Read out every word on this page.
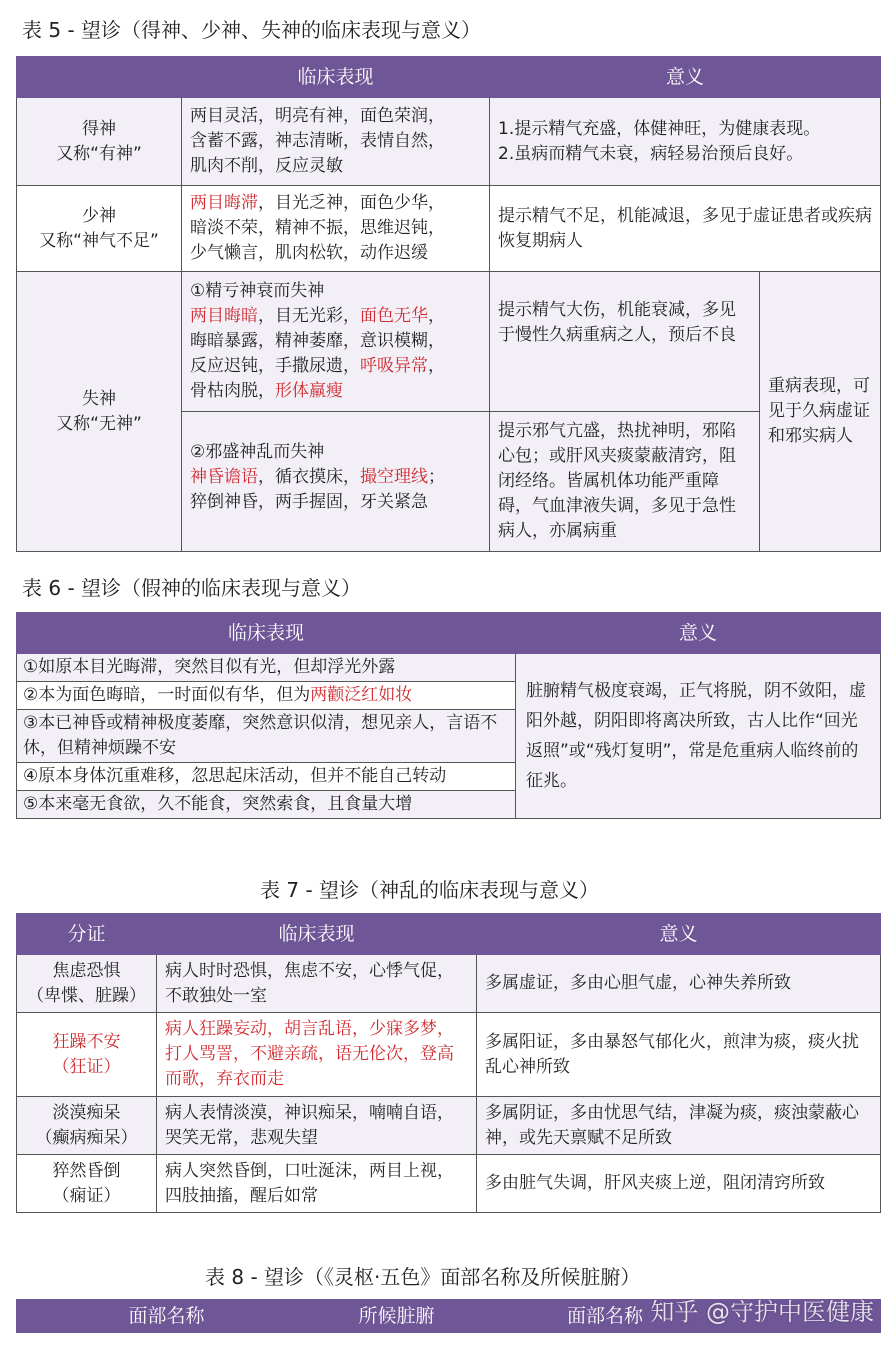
表 5 - 望诊（得神、少神、失神的临床表现与意义）
	临床表现	意义	

得神
又称“有神”	两目灵活，明亮有神，面色荣润，
含蓄不露，神志清晰，表情自然，
肌肉不削，反应灵敏	1.提示精气充盛，体健神旺，为健康表现。
2.虽病而精气未衰，病轻易治预后良好。	

少神
又称“神气不足”	两目晦滞，目光乏神，面色少华，
暗淡不荣，精神不振，思维迟钝，
少气懒言，肌肉松软，动作迟缓	提示精气不足，机能减退，多见于虚证患者或疾病恢复期病人	

失神
又称“无神”	①精亏神衰而失神
两目晦暗，目无光彩，面色无华，
晦暗暴露，精神萎靡，意识模糊，
反应迟钝，手撒尿遗，呼吸异常，
骨枯肉脱，形体羸瘦	提示精气大伤，机能衰减，多见于慢性久病重病之人，预后不良	重病表现，可见于久病虚证和邪实病人

	②邪盛神乱而失神
神昏谵语，循衣摸床，撮空理线；
猝倒神昏，两手握固，牙关紧急	提示邪气亢盛，热扰神明，邪陷心包；或肝风夹痰蒙蔽清窍，阻闭经络。皆属机体功能严重障碍，气血津液失调，多见于急性病人，亦属病重	
表 6 - 望诊（假神的临床表现与意义）
临床表现	意义
①如原本目光晦滞，突然目似有光，但却浮光外露	脏腑精气极度衰竭，正气将脱，阴不敛阳，虚阳外越，阴阳即将离决所致，古人比作“回光返照”或“残灯复明”，常是危重病人临终前的征兆。
②本为面色晦暗，一时面似有华，但为两颧泛红如妆	
③本已神昏或精神极度萎靡，突然意识似清，想见亲人，言语不休，但精神烦躁不安	
④原本身体沉重难移，忽思起床活动，但并不能自己转动	
⑤本来毫无食欲，久不能食，突然索食，且食量大增	
表 7 - 望诊（神乱的临床表现与意义）
分证	临床表现	意义

焦虑恐惧
（卑惵、脏躁）	病人时时恐惧，焦虑不安，心悸气促，不敢独处一室	多属虚证，多由心胆气虚，心神失养所致

狂躁不安
（狂证）	病人狂躁妄动，胡言乱语，少寐多梦，打人骂詈，不避亲疏，语无伦次，登高而歌，弃衣而走	多属阳证，多由暴怒气郁化火，煎津为痰，痰火扰乱心神所致

淡漠痴呆
（癫病痴呆）	病人表情淡漠，神识痴呆，喃喃自语，哭笑无常，悲观失望	多属阴证，多由忧思气结，津凝为痰，痰浊蒙蔽心神，或先天禀赋不足所致

猝然昏倒
（痫证）	病人突然昏倒，口吐涎沫，两目上视，四肢抽搐，醒后如常	多由脏气失调，肝风夹痰上逆，阻闭清窍所致
表 8 - 望诊（《灵枢·五色》面部名称及所候脏腑）
面部名称	所候脏腑	面部名称 知乎 @守护中医健康
